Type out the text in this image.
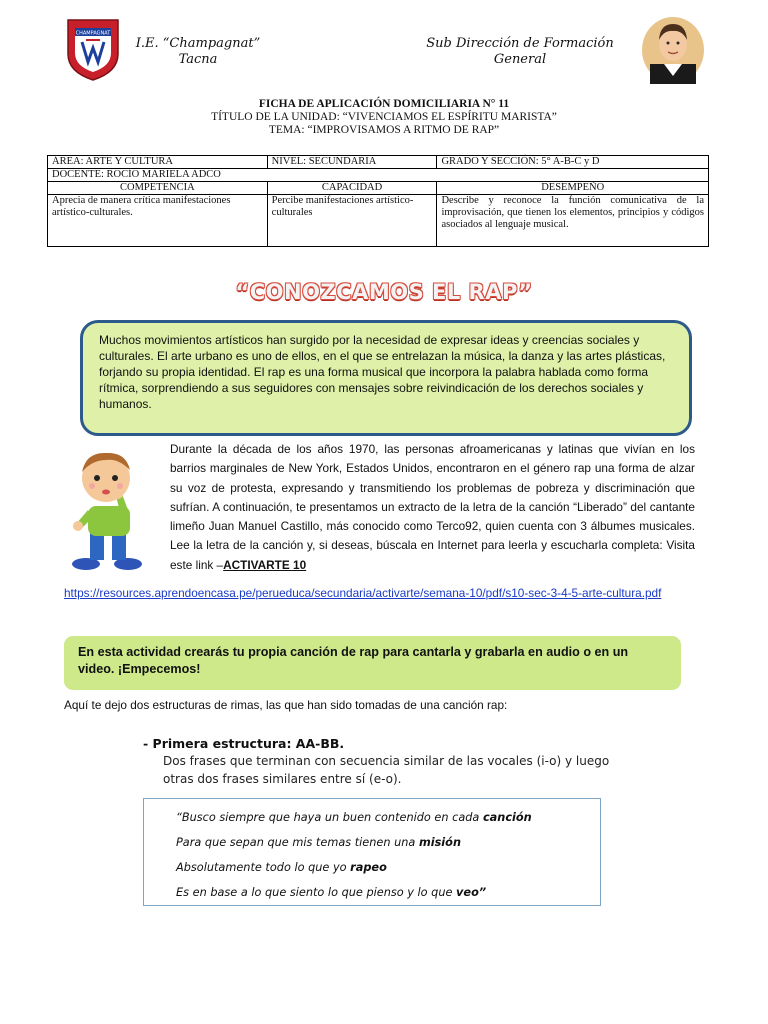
CHAMPAGNAT
I.E. “Champagnat”
Tacna
Sub Dirección de Formación
General
FICHA DE APLICACIÓN DOMICILIARIA N° 11
TÍTULO DE LA UNIDAD: “VIVENCIAMOS EL ESPÍRITU MARISTA”
TEMA: “IMPROVISAMOS A RITMO DE RAP”
ÁREA: ARTE Y CULTURA	NIVEL: SECUNDARIA	GRADO Y SECCIÓN: 5° A-B-C y D
DOCENTE: ROCÍO MARIELA ADCO		
COMPETENCIA	CAPACIDAD	DESEMPEÑO
Aprecia de manera crítica manifestaciones artístico-culturales.	Percibe manifestaciones artístico-culturales	Describe y reconoce la función comunicativa de la improvisación, que tienen los elementos, principios y códigos asociados al lenguaje musical.
“CONOZCAMOS EL RAP”
Muchos movimientos artísticos han surgido por la necesidad de expresar ideas y creencias sociales y culturales. El arte urbano es uno de ellos, en el que se entrelazan la música, la danza y las artes plásticas, forjando su propia identidad. El rap es una forma musical que incorpora la palabra hablada como forma rítmica, sorprendiendo a sus seguidores con mensajes sobre reivindicación de los derechos sociales y humanos.
Durante la década de los años 1970, las personas afroamericanas y latinas que vivían en los barrios marginales de New York, Estados Unidos, encontraron en el género rap una forma de alzar su voz de protesta, expresando y transmitiendo los problemas de pobreza y discriminación que sufrían. A continuación, te presentamos un extracto de la letra de la canción “Liberado” del cantante limeño Juan Manuel Castillo, más conocido como Terco92, quien cuenta con 3 álbumes musicales. Lee la letra de la canción y, si deseas, búscala en Internet para leerla y escucharla completa: Visita este link –ACTIVARTE 10
https://resources.aprendoencasa.pe/perueduca/secundaria/activarte/semana-10/pdf/s10-sec-3-4-5-arte-cultura.pdf
En esta actividad crearás tu propia canción de rap para cantarla y grabarla en audio o en un video. ¡Empecemos!
Aquí te dejo dos estructuras de rimas, las que han sido tomadas de una canción rap:
- Primera estructura: AA-BB.
Dos frases que terminan con secuencia similar de las vocales (i-o) y luego otras dos frases similares entre sí (e-o).
“Busco siempre que haya un buen contenido en cada canción
Para que sepan que mis temas tienen una misión
Absolutamente todo lo que yo rapeo
Es en base a lo que siento lo que pienso y lo que veo”
